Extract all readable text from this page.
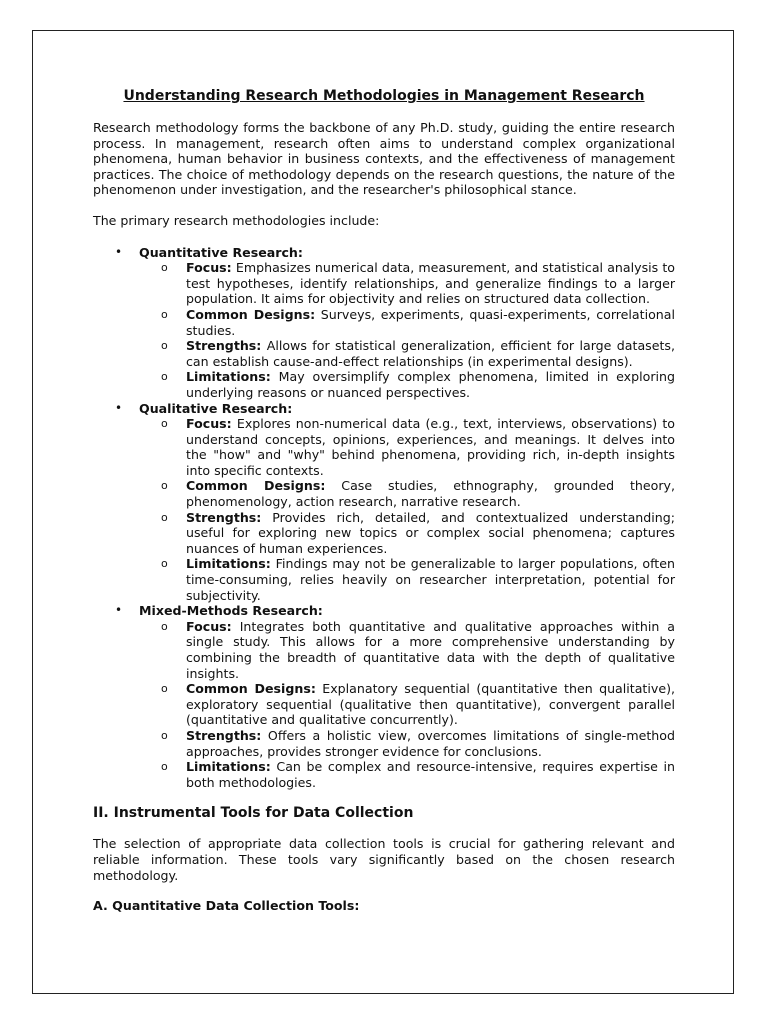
Understanding Research Methodologies in Management Research

Research methodology forms the backbone of any Ph.D. study, guiding the entire research process. In management, research often aims to understand complex organizational phenomena, human behavior in business contexts, and the effectiveness of management practices. The choice of methodology depends on the research questions, the nature of the phenomenon under investigation, and the researcher's philosophical stance.

The primary research methodologies include:

• Quantitative Research:
o Focus: Emphasizes numerical data, measurement, and statistical analysis to test hypotheses, identify relationships, and generalize findings to a larger population. It aims for objectivity and relies on structured data collection.
o Common Designs: Surveys, experiments, quasi-experiments, correlational studies.
o Strengths: Allows for statistical generalization, efficient for large datasets, can establish cause-and-effect relationships (in experimental designs).
o Limitations: May oversimplify complex phenomena, limited in exploring underlying reasons or nuanced perspectives.
• Qualitative Research:
o Focus: Explores non-numerical data (e.g., text, interviews, observations) to understand concepts, opinions, experiences, and meanings. It delves into the "how" and "why" behind phenomena, providing rich, in-depth insights into specific contexts.
o Common Designs: Case studies, ethnography, grounded theory, phenomenology, action research, narrative research.
o Strengths: Provides rich, detailed, and contextualized understanding; useful for exploring new topics or complex social phenomena; captures nuances of human experiences.
o Limitations: Findings may not be generalizable to larger populations, often time-consuming, relies heavily on researcher interpretation, potential for subjectivity.
• Mixed-Methods Research:
o Focus: Integrates both quantitative and qualitative approaches within a single study. This allows for a more comprehensive understanding by combining the breadth of quantitative data with the depth of qualitative insights.
o Common Designs: Explanatory sequential (quantitative then qualitative), exploratory sequential (qualitative then quantitative), convergent parallel (quantitative and qualitative concurrently).
o Strengths: Offers a holistic view, overcomes limitations of single-method approaches, provides stronger evidence for conclusions.
o Limitations: Can be complex and resource-intensive, requires expertise in both methodologies.
II. Instrumental Tools for Data Collection

The selection of appropriate data collection tools is crucial for gathering relevant and reliable information. These tools vary significantly based on the chosen research methodology.

A. Quantitative Data Collection Tools:
